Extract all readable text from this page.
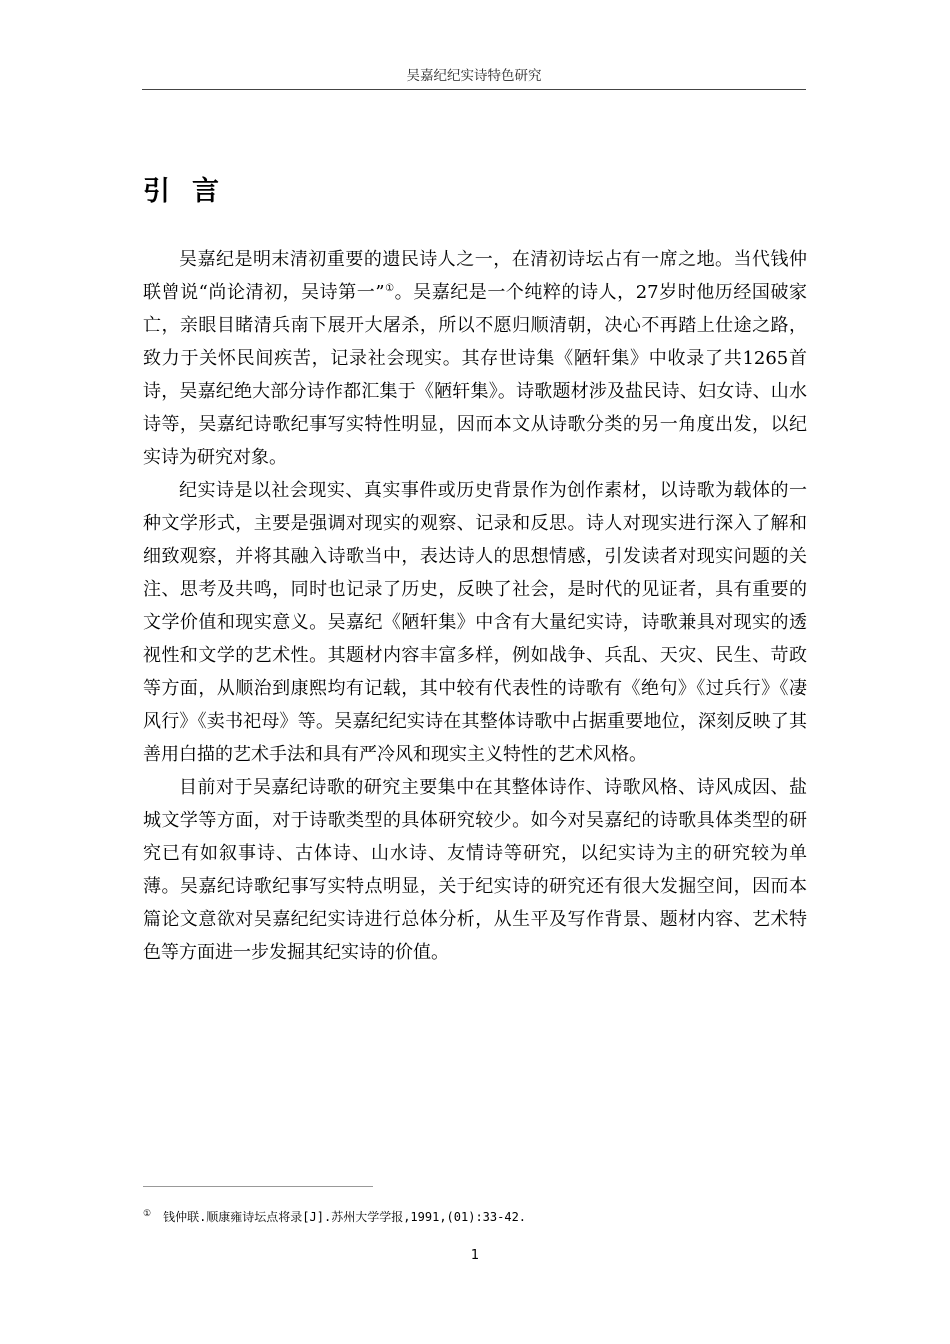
吴嘉纪纪实诗特色研究
引言

吴嘉纪是明末清初重要的遗民诗人之一，在清初诗坛占有一席之地。当代钱仲联曾说“尚论清初，吴诗第一”①。吴嘉纪是一个纯粹的诗人，27岁时他历经国破家亡，亲眼目睹清兵南下展开大屠杀，所以不愿归顺清朝，决心不再踏上仕途之路，致力于关怀民间疾苦，记录社会现实。其存世诗集《陋轩集》中收录了共1265首诗，吴嘉纪绝大部分诗作都汇集于《陋轩集》。诗歌题材涉及盐民诗、妇女诗、山水诗等，吴嘉纪诗歌纪事写实特性明显，因而本文从诗歌分类的另一角度出发，以纪实诗为研究对象。

纪实诗是以社会现实、真实事件或历史背景作为创作素材，以诗歌为载体的一种文学形式，主要是强调对现实的观察、记录和反思。诗人对现实进行深入了解和细致观察，并将其融入诗歌当中，表达诗人的思想情感，引发读者对现实问题的关注、思考及共鸣，同时也记录了历史，反映了社会，是时代的见证者，具有重要的文学价值和现实意义。吴嘉纪《陋轩集》中含有大量纪实诗，诗歌兼具对现实的透视性和文学的艺术性。其题材内容丰富多样，例如战争、兵乱、天灾、民生、苛政等方面，从顺治到康熙均有记载，其中较有代表性的诗歌有《绝句》《过兵行》《凄风行》《卖书祀母》等。吴嘉纪纪实诗在其整体诗歌中占据重要地位，深刻反映了其善用白描的艺术手法和具有严冷风和现实主义特性的艺术风格。

目前对于吴嘉纪诗歌的研究主要集中在其整体诗作、诗歌风格、诗风成因、盐城文学等方面，对于诗歌类型的具体研究较少。如今对吴嘉纪的诗歌具体类型的研究已有如叙事诗、古体诗、山水诗、友情诗等研究，以纪实诗为主的研究较为单薄。吴嘉纪诗歌纪事写实特点明显，关于纪实诗的研究还有很大发掘空间，因而本篇论文意欲对吴嘉纪纪实诗进行总体分析，从生平及写作背景、题材内容、艺术特色等方面进一步发掘其纪实诗的价值。

① 钱仲联.顺康雍诗坛点将录[J].苏州大学学报,1991,(01):33-42.
1
